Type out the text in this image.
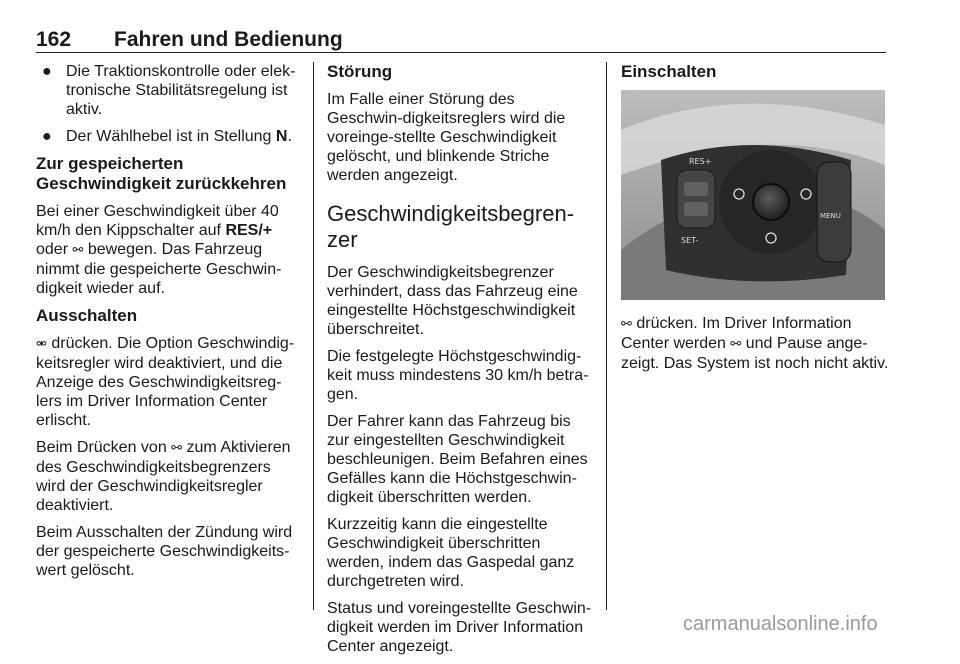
162 Fahren und Bedienung
● Die Traktionskontrolle oder elek-tronische Stabilitätsregelung ist aktiv.
● Der Wählhebel ist in Stellung N.
Zur gespeicherten Geschwindigkeit zurückkehren

Bei einer Geschwindigkeit über 40 km/h den Kippschalter auf RES/+ oder ⚯ bewegen. Das Fahrzeug nimmt die gespeicherte Geschwin-digkeit wieder auf.

Ausschalten

⚮ drücken. Die Option Geschwindig-keitsregler wird deaktiviert, und die Anzeige des Geschwindigkeitsreg-lers im Driver Information Center erlischt.

Beim Drücken von ⚯ zum Aktivieren des Geschwindigkeitsbegrenzers wird der Geschwindigkeitsregler deaktiviert.

Beim Ausschalten der Zündung wird der gespeicherte Geschwindigkeits-wert gelöscht.

Störung

Im Falle einer Störung des Geschwin-digkeitsreglers wird die voreinge-stellte Geschwindigkeit gelöscht, und blinkende Striche werden angezeigt.

Geschwindigkeitsbegren-zer

Der Geschwindigkeitsbegrenzer verhindert, dass das Fahrzeug eine eingestellte Höchstgeschwindigkeit überschreitet.

Die festgelegte Höchstgeschwindig-keit muss mindestens 30 km/h betra-gen.

Der Fahrer kann das Fahrzeug bis zur eingestellten Geschwindigkeit beschleunigen. Beim Befahren eines Gefälles kann die Höchstgeschwin-digkeit überschritten werden.

Kurzzeitig kann die eingestellte Geschwindigkeit überschritten werden, indem das Gaspedal ganz durchgetreten wird.

Status und voreingestellte Geschwin-digkeit werden im Driver Information Center angezeigt.

Einschalten
RES+
SET-
MENU

⚯ drücken. Im Driver Information Center werden ⚯ und Pause ange-zeigt. Das System ist noch nicht aktiv.

carmanualsonline.info
